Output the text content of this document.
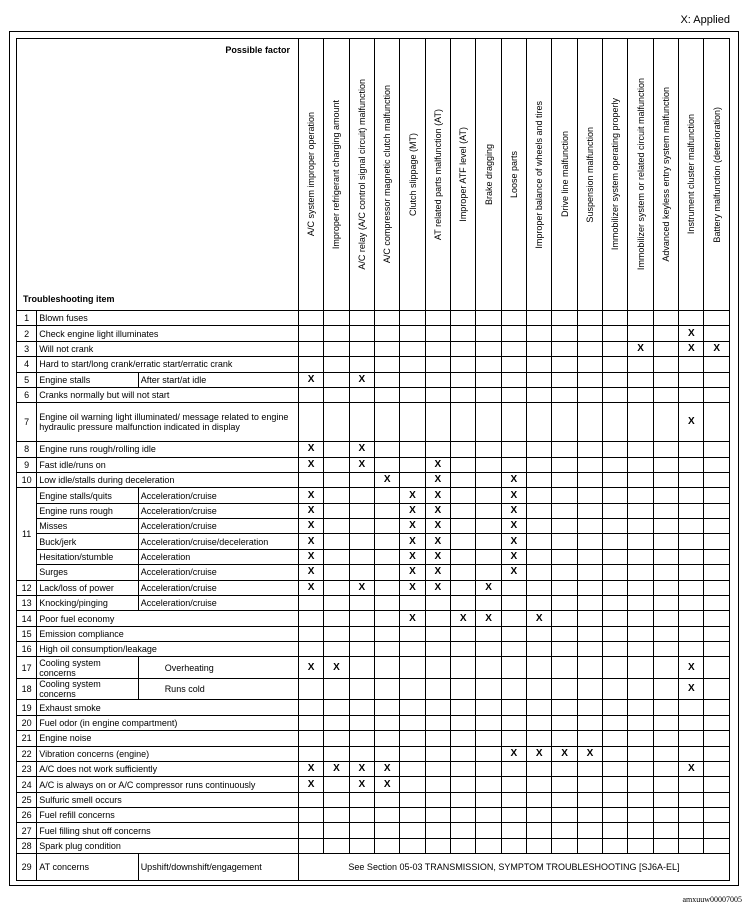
X: Applied
Possible factor
Troubleshooting item			A/C system improper operation	Improper refrigerant charging amount	A/C relay (A/C control signal circuit) malfunction	A/C compressor magnetic clutch malfunction	Clutch slippage (MT)	AT related parts malfunction (AT)	Improper ATF level (AT)	Brake dragging	Loose parts	Improper balance of wheels and tires	Drive line malfunction	Suspension malfunction	Immobilizer system operating properly	Immobilizer system or related circuit malfunction	Advanced keyless entry system malfunction	Instrument cluster malfunction	Battery malfunction (deterioration)

1	Blown fuses																		
2	Check engine light illuminates																	X	
3	Will not crank															X		X	X
4	Hard to start/long crank/erratic start/erratic crank																		
5	Engine stalls	After start/at idle	X		X														
6	Cranks normally but will not start																		
7	Engine oil warning light illuminated/ message related to engine hydraulic pressure malfunction indicated in display																	X	
8	Engine runs rough/rolling idle		X		X														
9	Fast idle/runs on		X		X			X											
10	Low idle/stalls during deceleration					X		X			X								
11	Engine stalls/quits	Acceleration/cruise	X				X	X			X								
	Engine runs rough	Acceleration/cruise	X				X	X			X								
	Misses	Acceleration/cruise	X				X	X			X								
	Buck/jerk	Acceleration/cruise/deceleration	X				X	X			X								
	Hesitation/stumble	Acceleration	X				X	X			X								
	Surges	Acceleration/cruise	X				X	X			X								
12	Lack/loss of power	Acceleration/cruise	X		X		X	X		X									
13	Knocking/pinging	Acceleration/cruise																	
14	Poor fuel economy						X		X	X		X							
15	Emission compliance																		
16	High oil consumption/leakage																		
17	Cooling system concerns	Overheating	X	X														X	
18	Cooling system concerns	Runs cold																X	
19	Exhaust smoke																		
20	Fuel odor (in engine compartment)																		
21	Engine noise																		
22	Vibration concerns (engine)										X	X	X	X					
23	A/C does not work sufficiently		X	X	X	X												X	
24	A/C is always on or A/C compressor runs continuously		X		X	X													
25	Sulfuric smell occurs																		
26	Fuel refill concerns																		
27	Fuel filling shut off concerns																		
28	Spark plug condition																		
29	AT concerns	Upshift/downshift/engagement	See Section 05-03 TRANSMISSION, SYMPTOM TROUBLESHOOTING [SJ6A-EL]																
amxuuw00007005
